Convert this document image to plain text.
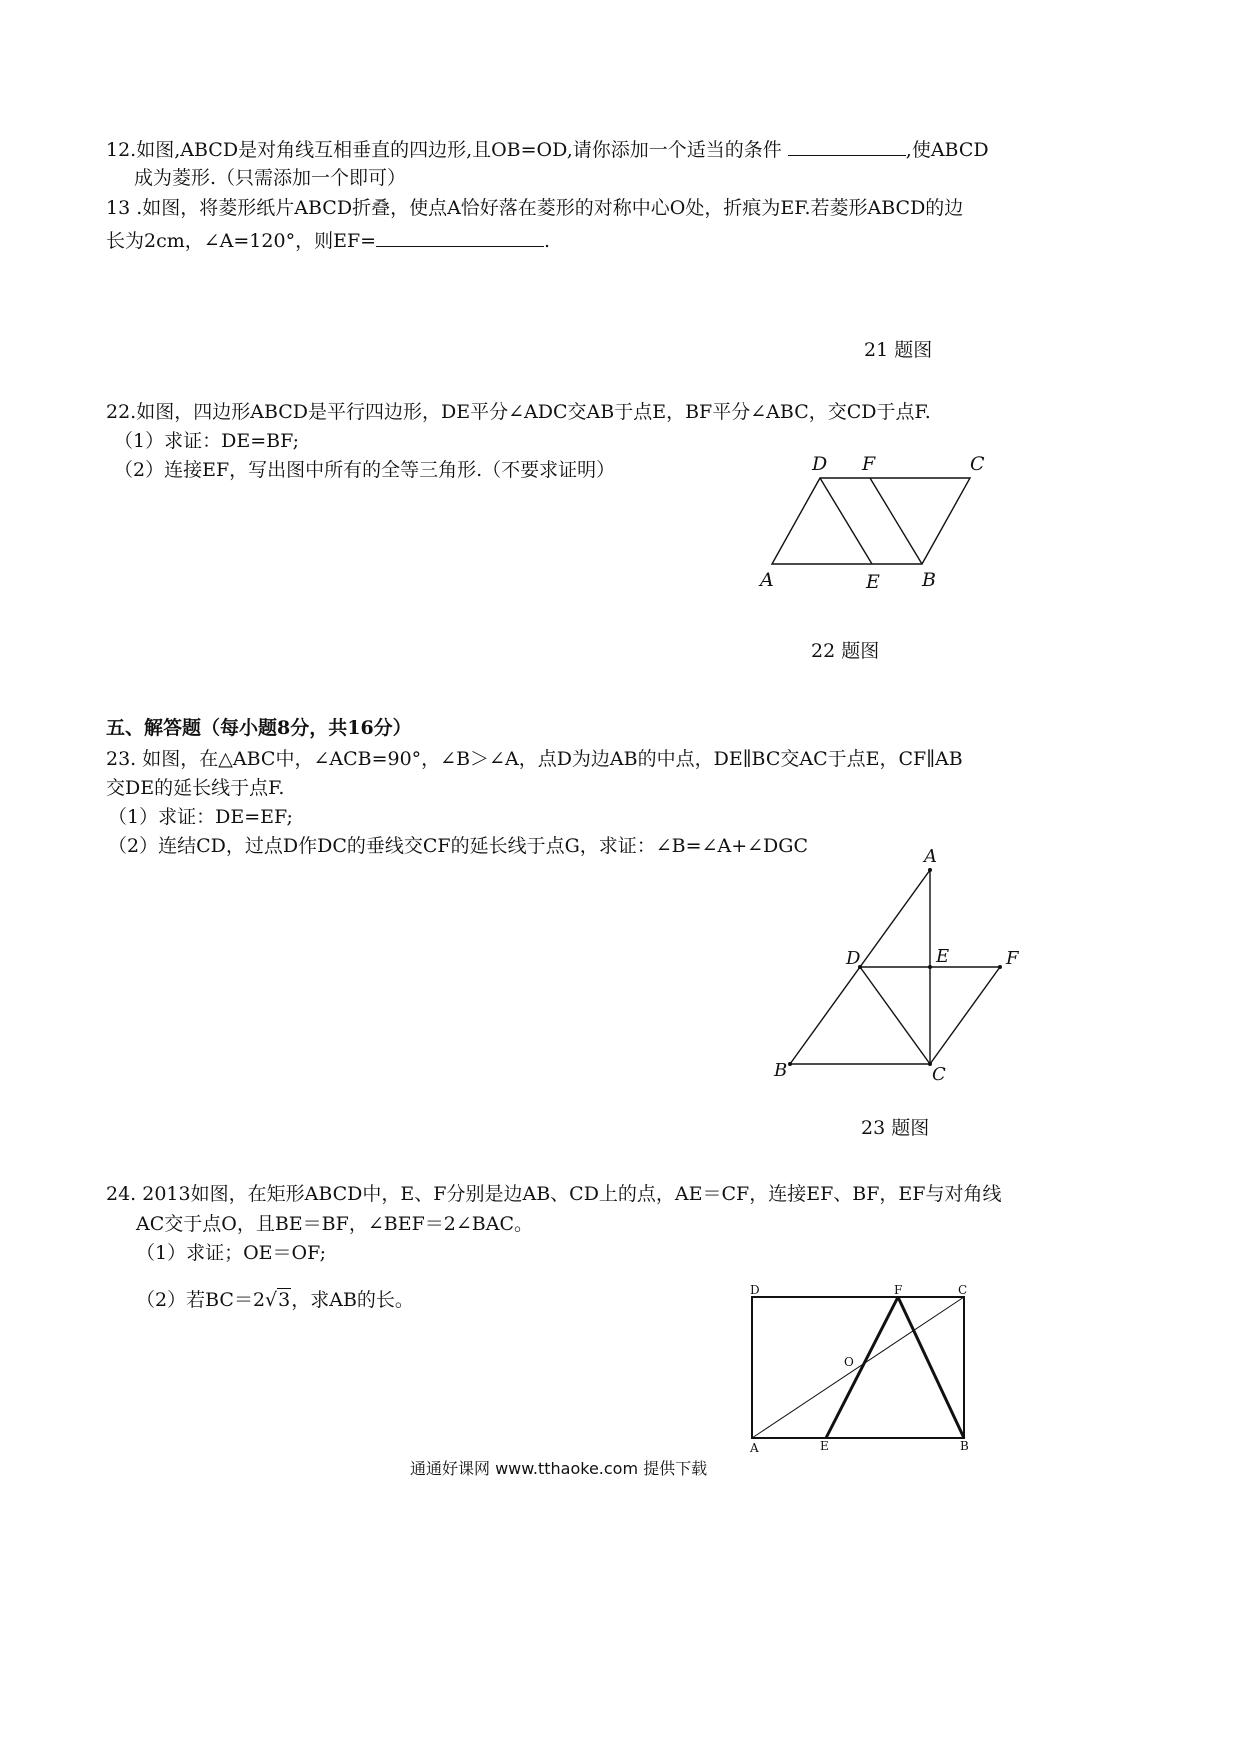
12.如图,ABCD是对角线互相垂直的四边形,且OB=OD,请你添加一个适当的条件	,使ABCD
成为菱形.（只需添加一个即可）
13 .如图，将菱形纸片ABCD折叠，使点A恰好落在菱形的对称中心O处，折痕为EF.若菱形ABCD的边
长为2cm，∠A=120°，则EF=	.
21 题图
22.如图，四边形ABCD是平行四边形，DE平分∠ADC交AB于点E，BF平分∠ABC，交CD于点F.
（1）求证：DE=BF;
（2）连接EF，写出图中所有的全等三角形.（不要求证明）	D F	C
A	E B
22 题图
五、解答题（每小题8分，共16分）
23. 如图，在△ABC中，∠ACB=90°，∠B＞∠A，点D为边AB的中点，DE∥BC交AC于点E，CF∥AB
交DE的延长线于点F.
（1）求证：DE=EF;
（2）连结CD，过点D作DC的垂线交CF的延长线于点G，求证：∠B=∠A+∠DGC	A
D	E	F
B	C
23 题图
24. 2013如图，在矩形ABCD中，E、F分别是边AB、CD上的点，AE＝CF，连接EF、BF，EF与对角线
AC交于点O，且BE＝BF，∠BEF＝2∠BAC。
（1）求证；OE＝OF;
（2）若BC＝2√3，求AB的长。	D	F	C
O
A	E	B
通通好课网 www.tthaoke.com 提供下载
